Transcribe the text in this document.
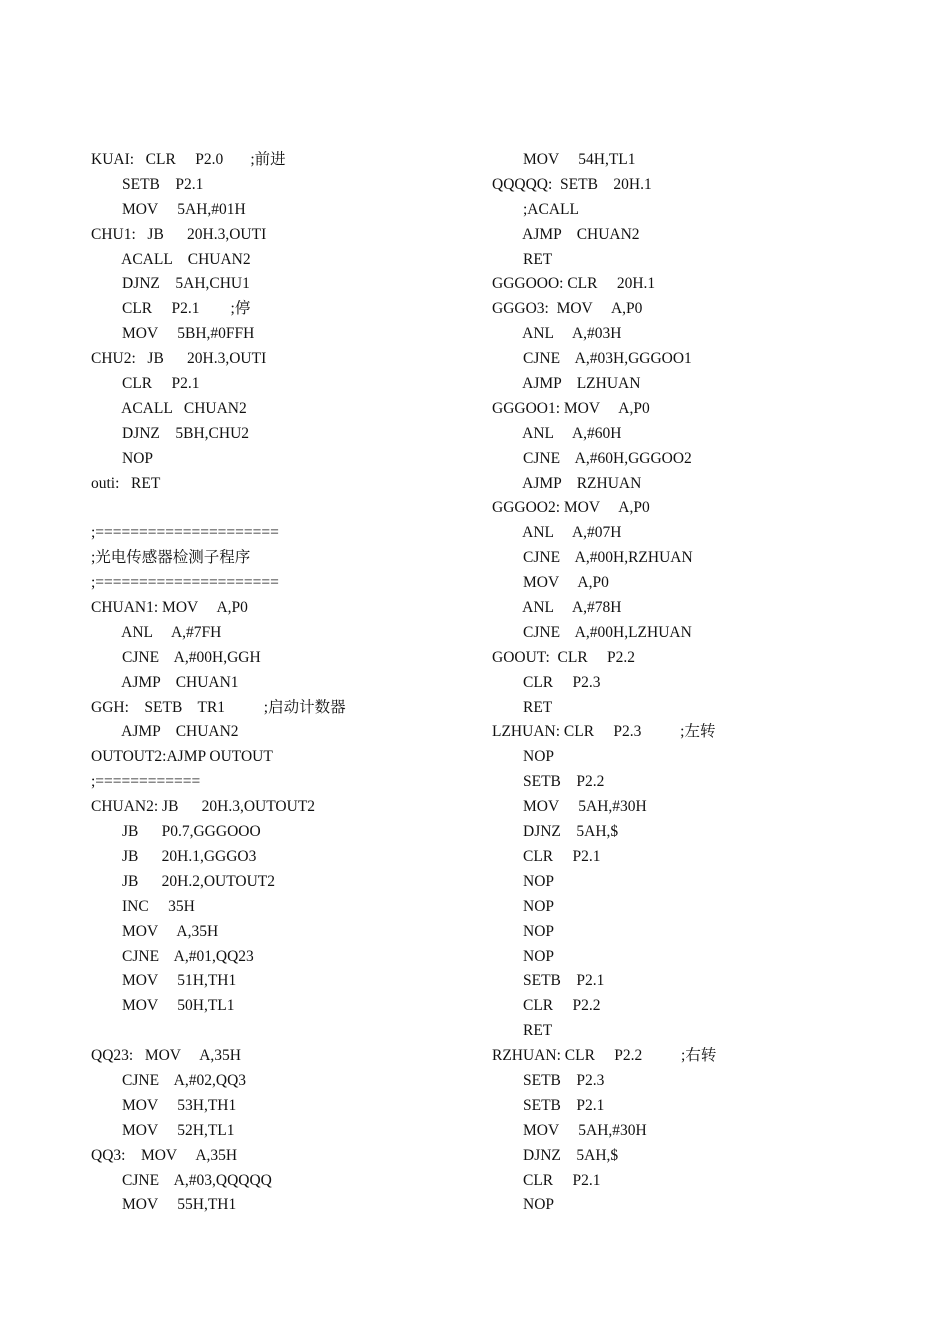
KUAI:   CLR     P2.0       ;前进
SETB    P2.1
MOV     5AH,#01H
CHU1:   JB      20H.3,OUTI
ACALL    CHUAN2
DJNZ    5AH,CHU1
CLR     P2.1        ;停
MOV     5BH,#0FFH
CHU2:   JB      20H.3,OUTI
CLR     P2.1
ACALL   CHUAN2
DJNZ    5BH,CHU2
NOP
outi:   RET
;=====================
;光电传感器检测子程序
;=====================
CHUAN1: MOV     A,P0
ANL     A,#7FH
CJNE    A,#00H,GGH
AJMP    CHUAN1
GGH:    SETB    TR1          ;启动计数器
AJMP    CHUAN2
OUTOUT2:AJMP OUTOUT
;============
CHUAN2: JB      20H.3,OUTOUT2
JB      P0.7,GGGOOO
JB      20H.1,GGGO3
JB      20H.2,OUTOUT2
INC     35H
MOV     A,35H
CJNE    A,#01,QQ23
MOV     51H,TH1
MOV     50H,TL1
QQ23:   MOV     A,35H
CJNE    A,#02,QQ3
MOV     53H,TH1
MOV     52H,TL1
QQ3:    MOV     A,35H
CJNE    A,#03,QQQQQ
MOV     55H,TH1
MOV     54H,TL1
QQQQQ:  SETB    20H.1
;ACALL
AJMP    CHUAN2
RET
GGGOOO: CLR     20H.1
GGGO3:  MOV     A,P0
ANL     A,#03H
CJNE    A,#03H,GGGOO1
AJMP    LZHUAN
GGGOO1: MOV     A,P0
ANL     A,#60H
CJNE    A,#60H,GGGOO2
AJMP    RZHUAN
GGGOO2: MOV     A,P0
ANL     A,#07H
CJNE    A,#00H,RZHUAN
MOV     A,P0
ANL     A,#78H
CJNE    A,#00H,LZHUAN
GOOUT:  CLR     P2.2
CLR     P2.3
RET
LZHUAN: CLR     P2.3          ;左转
NOP
SETB    P2.2
MOV     5AH,#30H
DJNZ    5AH,$
CLR     P2.1
NOP
NOP
NOP
NOP
SETB    P2.1
CLR     P2.2
RET
RZHUAN: CLR     P2.2          ;右转
SETB    P2.3
SETB    P2.1
MOV     5AH,#30H
DJNZ    5AH,$
CLR     P2.1
NOP
